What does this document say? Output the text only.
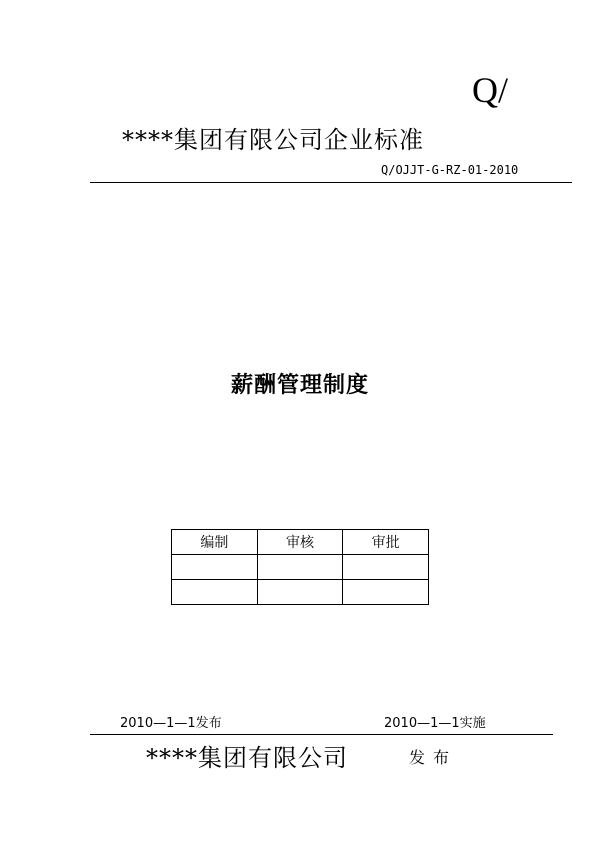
Q/
****集团有限公司企业标准
Q/OJJT-G-RZ-01-2010
薪酬管理制度
编制	审核	审批

2010—1—1发布	2010—1—1实施
****集团有限公司	发布
